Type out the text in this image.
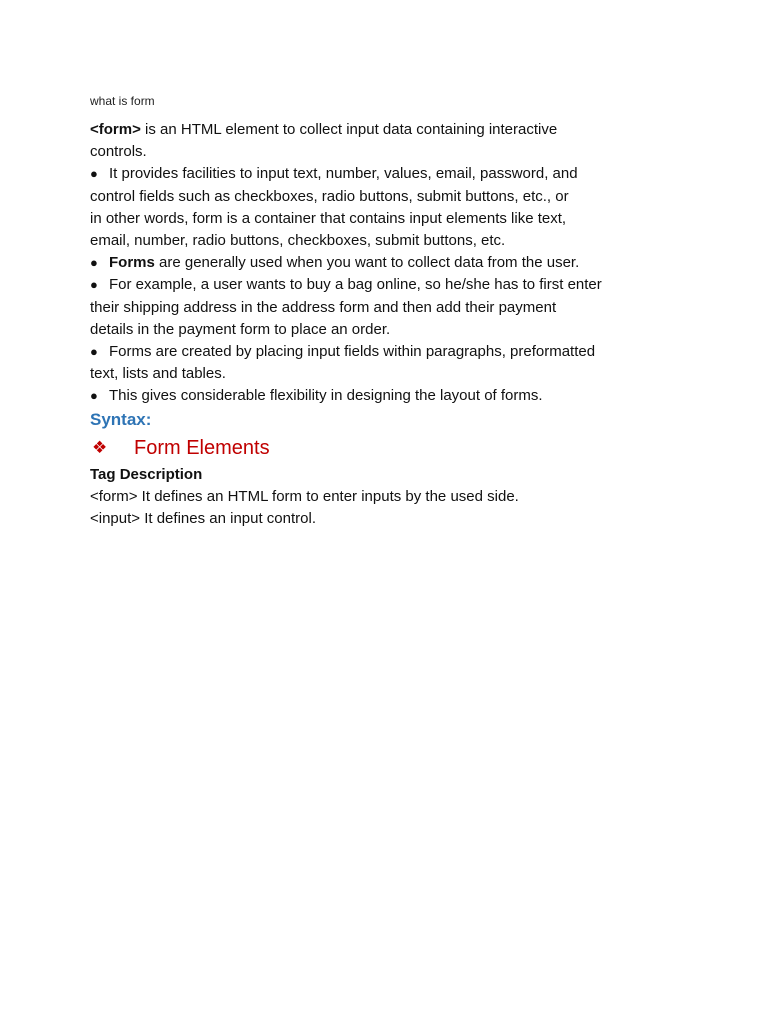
what is form

<form> is an HTML element to collect input data containing interactive

controls.

● It provides facilities to input text, number, values, email, password, and

control fields such as checkboxes, radio buttons, submit buttons, etc., or

in other words, form is a container that contains input elements like text,

email, number, radio buttons, checkboxes, submit buttons, etc.

● Forms are generally used when you want to collect data from the user.

● For example, a user wants to buy a bag online, so he/she has to first enter

their shipping address in the address form and then add their payment

details in the payment form to place an order.

● Forms are created by placing input fields within paragraphs, preformatted

text, lists and tables.

● This gives considerable flexibility in designing the layout of forms.

Syntax:

❖	Form Elements

Tag Description

<form> It defines an HTML form to enter inputs by the used side.

<input> It defines an input control.
